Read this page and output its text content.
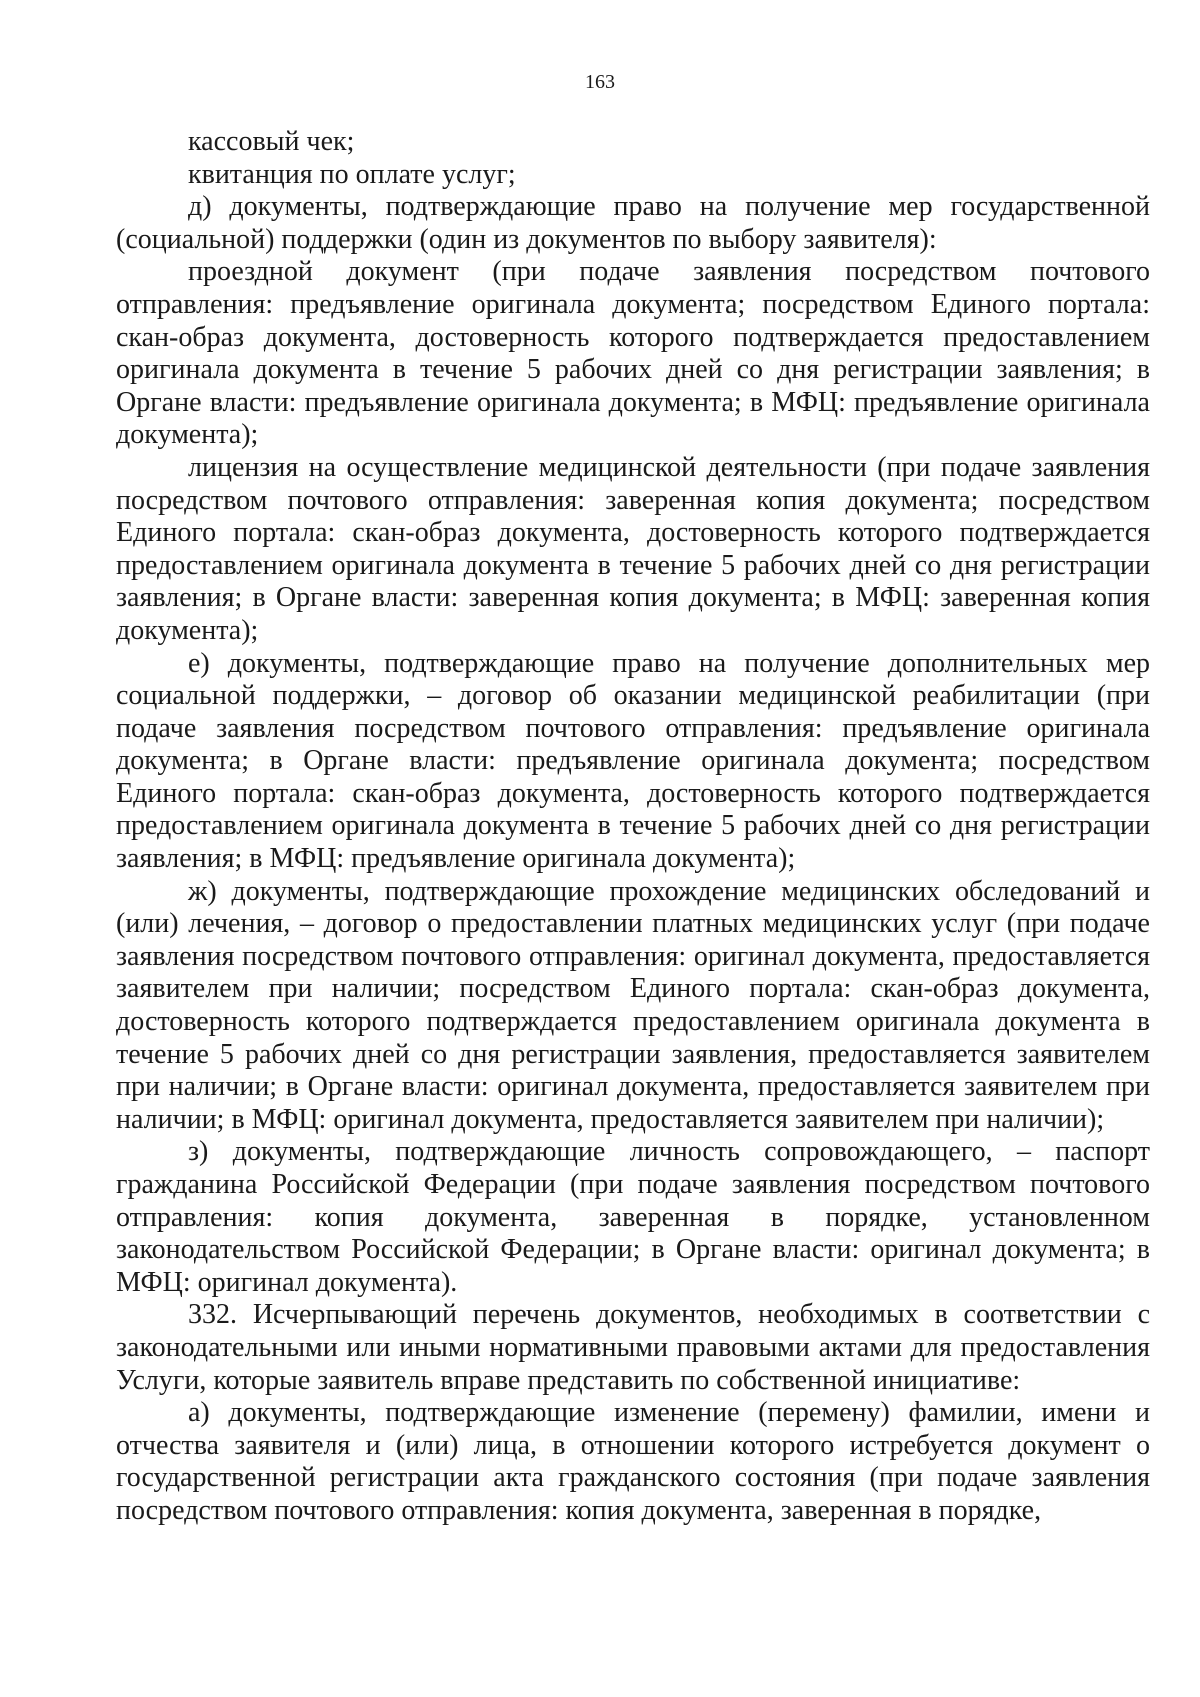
163

кассовый чек;

квитанция по оплате услуг;

д) документы, подтверждающие право на получение мер государственной (социальной) поддержки (один из документов по выбору заявителя):

проездной документ (при подаче заявления посредством почтового отправления: предъявление оригинала документа; посредством Единого портала: скан-образ документа, достоверность которого подтверждается предоставлением оригинала документа в течение 5 рабочих дней со дня регистрации заявления; в Органе власти: предъявление оригинала документа; в МФЦ: предъявление оригинала документа);

лицензия на осуществление медицинской деятельности (при подаче заявления посредством почтового отправления: заверенная копия документа; посредством Единого портала: скан-образ документа, достоверность которого подтверждается предоставлением оригинала документа в течение 5 рабочих дней со дня регистрации заявления; в Органе власти: заверенная копия документа; в МФЦ: заверенная копия документа);

е) документы, подтверждающие право на получение дополнительных мер социальной поддержки, – договор об оказании медицинской реабилитации (при подаче заявления посредством почтового отправления: предъявление оригинала документа; в Органе власти: предъявление оригинала документа; посредством Единого портала: скан-образ документа, достоверность которого подтверждается предоставлением оригинала документа в течение 5 рабочих дней со дня регистрации заявления; в МФЦ: предъявление оригинала документа);

ж) документы, подтверждающие прохождение медицинских обследований и (или) лечения, – договор о предоставлении платных медицинских услуг (при подаче заявления посредством почтового отправления: оригинал документа, предоставляется заявителем при наличии; посредством Единого портала: скан-образ документа, достоверность которого подтверждается предоставлением оригинала документа в течение 5 рабочих дней со дня регистрации заявления, предоставляется заявителем при наличии; в Органе власти: оригинал документа, предоставляется заявителем при наличии; в МФЦ: оригинал документа, предоставляется заявителем при наличии);

з) документы, подтверждающие личность сопровождающего, – паспорт гражданина Российской Федерации (при подаче заявления посредством почтового отправления: копия документа, заверенная в порядке, установленном законодательством Российской Федерации; в Органе власти: оригинал документа; в МФЦ: оригинал документа).

332. Исчерпывающий перечень документов, необходимых в соответствии с законодательными или иными нормативными правовыми актами для предоставления Услуги, которые заявитель вправе представить по собственной инициативе:

а) документы, подтверждающие изменение (перемену) фамилии, имени и отчества заявителя и (или) лица, в отношении которого истребуется документ о государственной регистрации акта гражданского состояния (при подаче заявления посредством почтового отправления: копия документа, заверенная в порядке,
